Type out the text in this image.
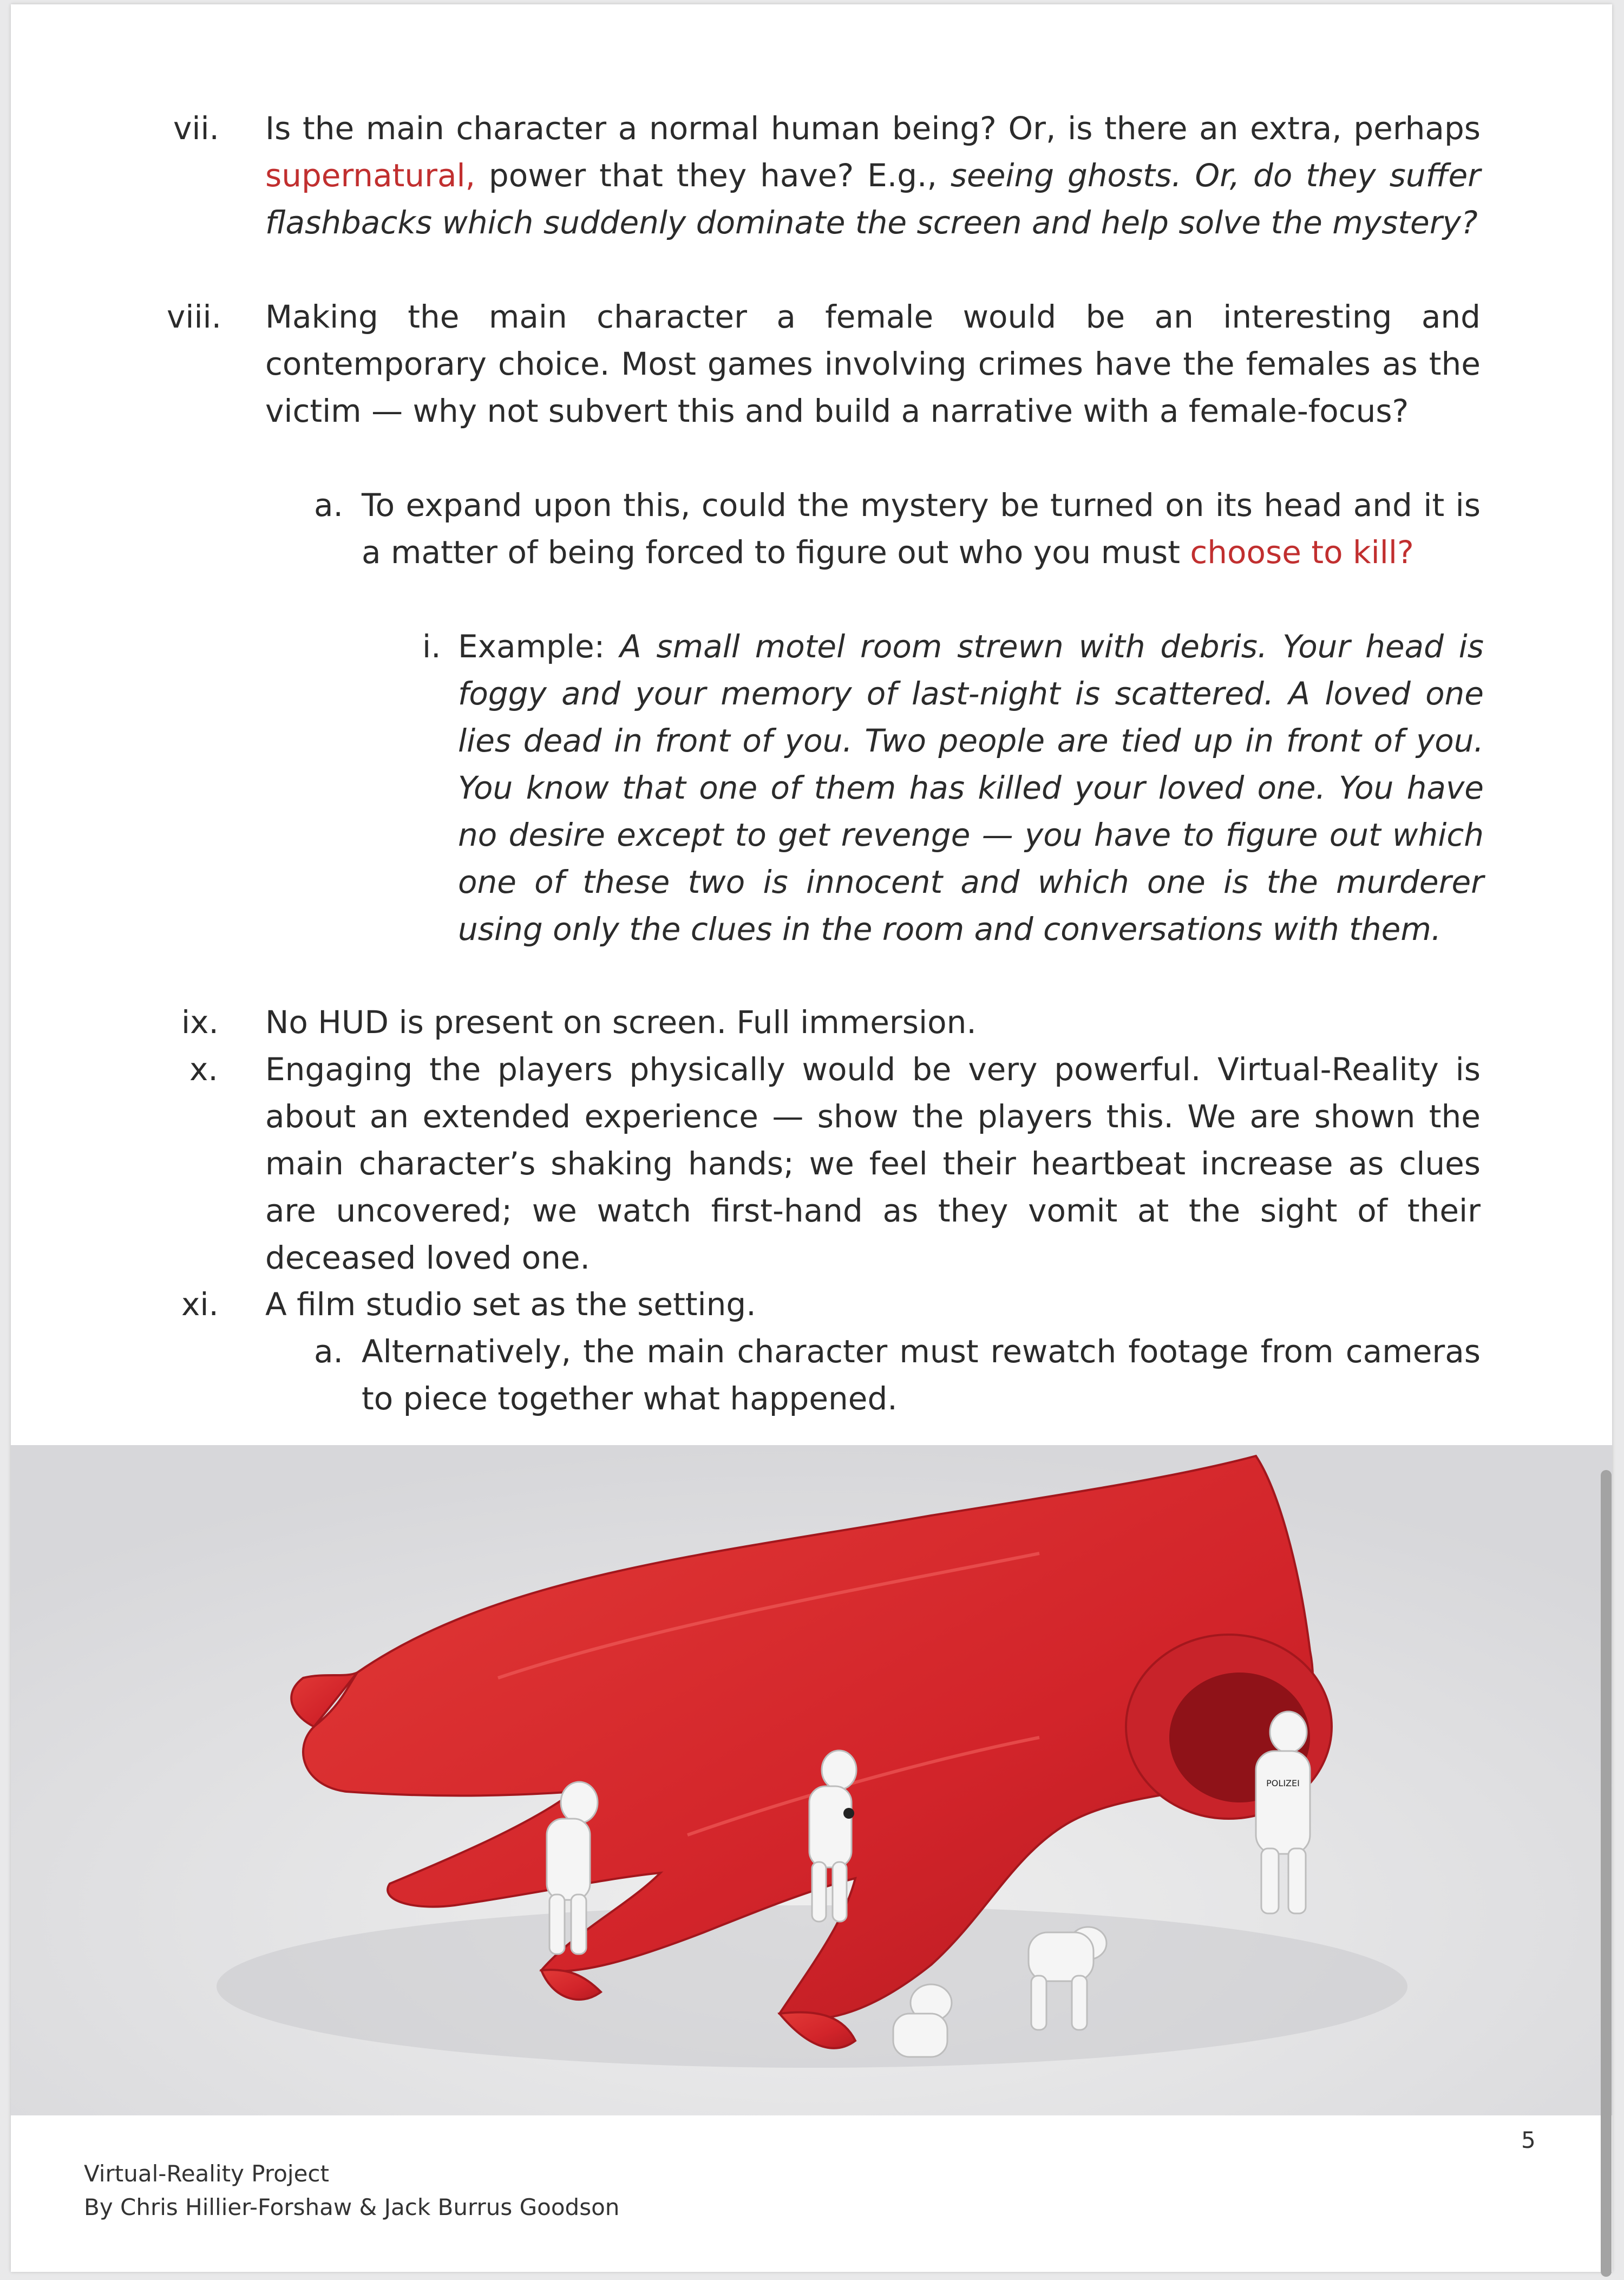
vii.	Is the main character a normal human being? Or, is there an extra, perhaps supernatural, power that they have? E.g., seeing ghosts. Or, do they suffer flashbacks which suddenly dominate the screen and help solve the mystery?
viii.	Making the main character a female would be an interesting and contemporary choice. Most games involving crimes have the females as the victim — why not subvert this and build a narrative with a female-focus?
a. To expand upon this, could the mystery be turned on its head and it is a matter of being forced to figure out who you must choose to kill?
i. Example: A small motel room strewn with debris. Your head is foggy and your memory of last-night is scattered. A loved one lies dead in front of you. Two people are tied up in front of you. You know that one of them has killed your loved one. You have no desire except to get revenge — you have to figure out which one of these two is innocent and which one is the murderer using only the clues in the room and conversations with them.
ix.	No HUD is present on screen. Full immersion.
x.	Engaging the players physically would be very powerful. Virtual-Reality is about an extended experience — show the players this. We are shown the main character’s shaking hands; we feel their heartbeat increase as clues are uncovered; we watch first-hand as they vomit at the sight of their deceased loved one.
xi.	A film studio set as the setting.
a. Alternatively, the main character must rewatch footage from cameras to piece together what happened.
POLIZEI
5
Virtual-Reality Project
By Chris Hillier-Forshaw & Jack Burrus Goodson
